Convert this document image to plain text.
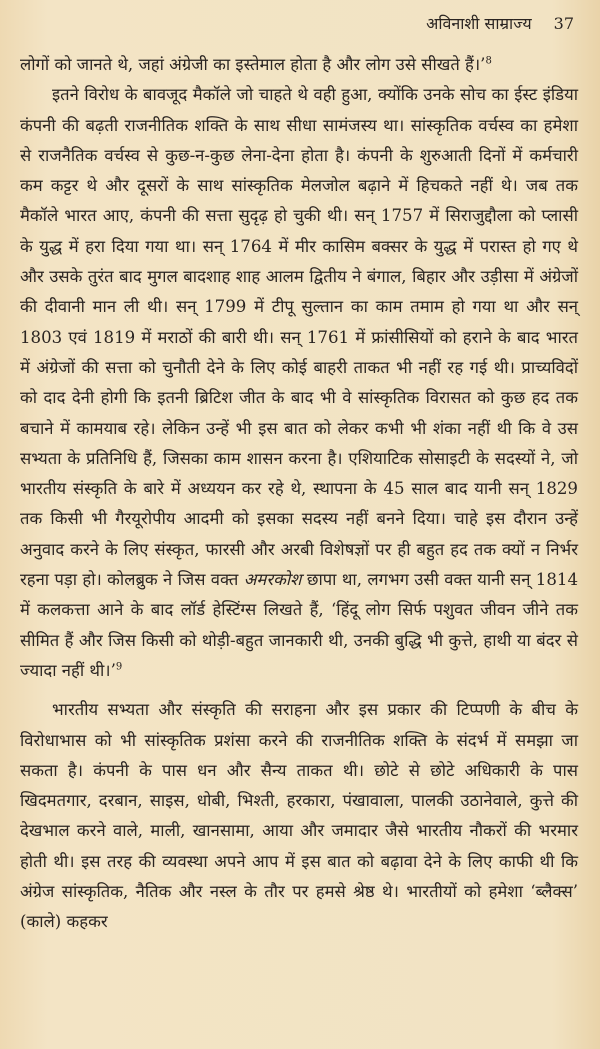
अविनाशी साम्राज्य 37

लोगों को जानते थे, जहां अंग्रेजी का इस्तेमाल होता है और लोग उसे सीखते हैं।’$^8$

इतने विरोध के बावजूद मैकॉले जो चाहते थे वही हुआ, क्योंकि उनके सोच का ईस्ट इंडिया कंपनी की बढ़ती राजनीतिक शक्ति के साथ सीधा सामंजस्य था। सांस्कृतिक वर्चस्व का हमेशा से राजनैतिक वर्चस्व से कुछ-न-कुछ लेना-देना होता है। कंपनी के शुरुआती दिनों में कर्मचारी कम कट्टर थे और दूसरों के साथ सांस्कृतिक मेलजोल बढ़ाने में हिचकते नहीं थे। जब तक मैकॉले भारत आए, कंपनी की सत्ता सुदृढ़ हो चुकी थी। सन् 1757 में सिराजुद्दौला को प्लासी के युद्ध में हरा दिया गया था। सन् 1764 में मीर कासिम बक्सर के युद्ध में परास्त हो गए थे और उसके तुरंत बाद मुगल बादशाह शाह आलम द्वितीय ने बंगाल, बिहार और उड़ीसा में अंग्रेजों की दीवानी मान ली थी। सन् 1799 में टीपू सुल्तान का काम तमाम हो गया था और सन् 1803 एवं 1819 में मराठों की बारी थी। सन् 1761 में फ्रांसीसियों को हराने के बाद भारत में अंग्रेजों की सत्ता को चुनौती देने के लिए कोई बाहरी ताकत भी नहीं रह गई थी। प्राच्यविदों को दाद देनी होगी कि इतनी ब्रिटिश जीत के बाद भी वे सांस्कृतिक विरासत को कुछ हद तक बचाने में कामयाब रहे। लेकिन उन्हें भी इस बात को लेकर कभी भी शंका नहीं थी कि वे उस सभ्यता के प्रतिनिधि हैं, जिसका काम शासन करना है। एशियाटिक सोसाइटी के सदस्यों ने, जो भारतीय संस्कृति के बारे में अध्ययन कर रहे थे, स्थापना के 45 साल बाद यानी सन् 1829 तक किसी भी गैरयूरोपीय आदमी को इसका सदस्य नहीं बनने दिया। चाहे इस दौरान उन्हें अनुवाद करने के लिए संस्कृत, फारसी और अरबी विशेषज्ञों पर ही बहुत हद तक क्यों न निर्भर रहना पड़ा हो। कोलब्रुक ने जिस वक्त अमरकोश छापा था, लगभग उसी वक्त यानी सन् 1814 में कलकत्ता आने के बाद लॉर्ड हेस्टिंग्स लिखते हैं, ‘हिंदू लोग सिर्फ पशुवत जीवन जीने तक सीमित हैं और जिस किसी को थोड़ी-बहुत जानकारी थी, उनकी बुद्धि भी कुत्ते, हाथी या बंदर से ज्यादा नहीं थी।’$^9$

भारतीय सभ्यता और संस्कृति की सराहना और इस प्रकार की टिप्पणी के बीच के विरोधाभास को भी सांस्कृतिक प्रशंसा करने की राजनीतिक शक्ति के संदर्भ में समझा जा सकता है। कंपनी के पास धन और सैन्य ताकत थी। छोटे से छोटे अधिकारी के पास खिदमतगार, दरबान, साइस, धोबी, भिश्ती, हरकारा, पंखावाला, पालकी उठानेवाले, कुत्ते की देखभाल करने वाले, माली, खानसामा, आया और जमादार जैसे भारतीय नौकरों की भरमार होती थी। इस तरह की व्यवस्था अपने आप में इस बात को बढ़ावा देने के लिए काफी थी कि अंग्रेज सांस्कृतिक, नैतिक और नस्ल के तौर पर हमसे श्रेष्ठ थे। भारतीयों को हमेशा ‘ब्लैक्स’ (काले) कहकर
